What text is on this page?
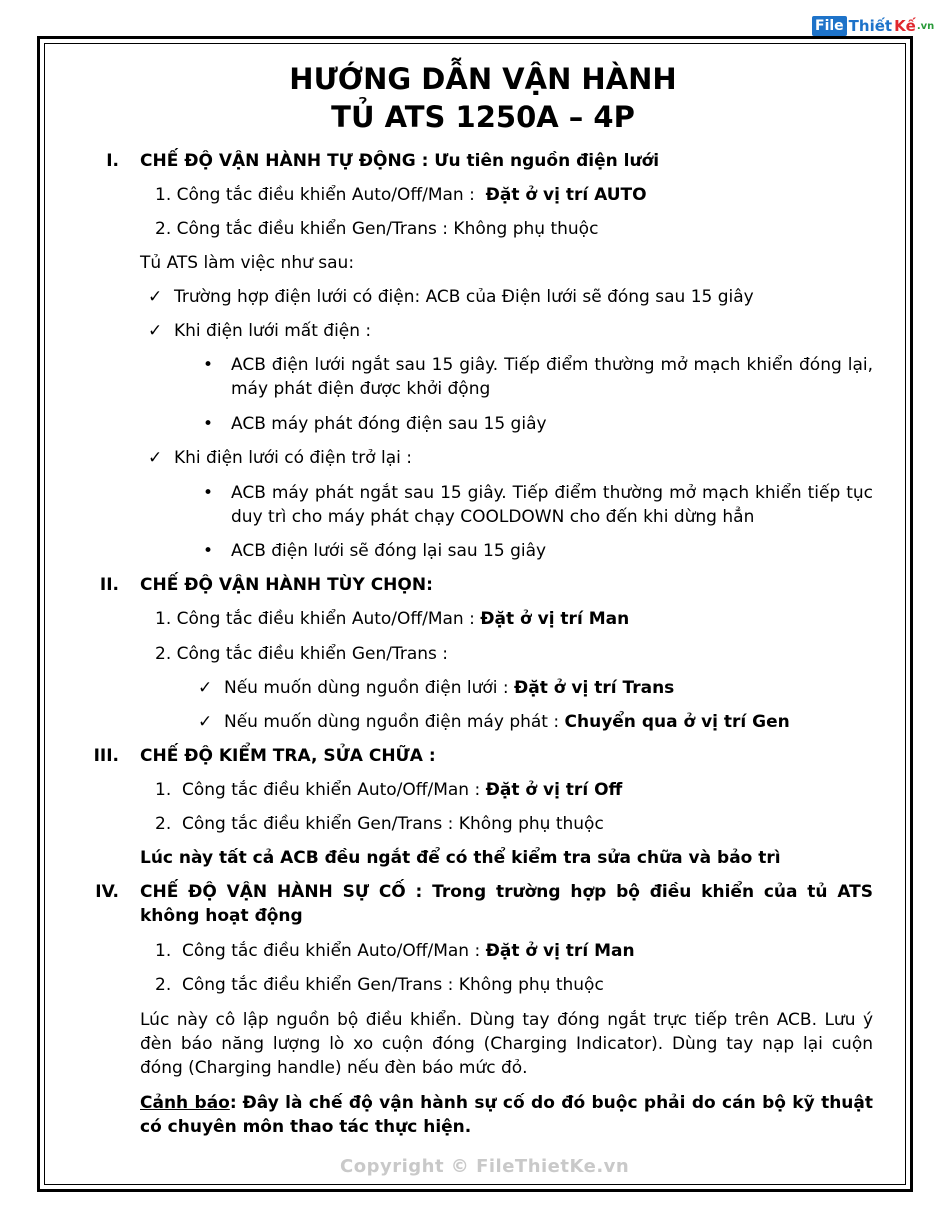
File Thiết Kế .vn
HƯỚNG DẪN VẬN HÀNH
TỦ ATS 1250A – 4P
I. CHẾ ĐỘ VẬN HÀNH TỰ ĐỘNG : Ưu tiên nguồn điện lưới
1. Công tắc điều khiển Auto/Off/Man : Đặt ở vị trí AUTO
2. Công tắc điều khiển Gen/Trans : Không phụ thuộc
Tủ ATS làm việc như sau:
✓ Trường hợp điện lưới có điện: ACB của Điện lưới sẽ đóng sau 15 giây
✓ Khi điện lưới mất điện :
• ACB điện lưới ngắt sau 15 giây. Tiếp điểm thường mở mạch khiển đóng lại, máy phát điện được khởi động
• ACB máy phát đóng điện sau 15 giây
✓ Khi điện lưới có điện trở lại :
• ACB máy phát ngắt sau 15 giây. Tiếp điểm thường mở mạch khiển tiếp tục duy trì cho máy phát chạy COOLDOWN cho đến khi dừng hẳn
• ACB điện lưới sẽ đóng lại sau 15 giây
II. CHẾ ĐỘ VẬN HÀNH TÙY CHỌN:
1. Công tắc điều khiển Auto/Off/Man : Đặt ở vị trí Man
2. Công tắc điều khiển Gen/Trans :
✓ Nếu muốn dùng nguồn điện lưới : Đặt ở vị trí Trans
✓ Nếu muốn dùng nguồn điện máy phát : Chuyển qua ở vị trí Gen
III. CHẾ ĐỘ KIỂM TRA, SỬA CHỮA :
1. Công tắc điều khiển Auto/Off/Man : Đặt ở vị trí Off
2. Công tắc điều khiển Gen/Trans : Không phụ thuộc
Lúc này tất cả ACB đều ngắt để có thể kiểm tra sửa chữa và bảo trì
IV. CHẾ ĐỘ VẬN HÀNH SỰ CỐ : Trong trường hợp bộ điều khiển của tủ ATS không hoạt động
1. Công tắc điều khiển Auto/Off/Man : Đặt ở vị trí Man
2. Công tắc điều khiển Gen/Trans : Không phụ thuộc
Lúc này cô lập nguồn bộ điều khiển. Dùng tay đóng ngắt trực tiếp trên ACB. Lưu ý đèn báo năng lượng lò xo cuộn đóng (Charging Indicator). Dùng tay nạp lại cuộn đóng (Charging handle) nếu đèn báo mức đỏ.
Cảnh báo: Đây là chế độ vận hành sự cố do đó buộc phải do cán bộ kỹ thuật có chuyên môn thao tác thực hiện.
Copyright © FileThietKe.vn
